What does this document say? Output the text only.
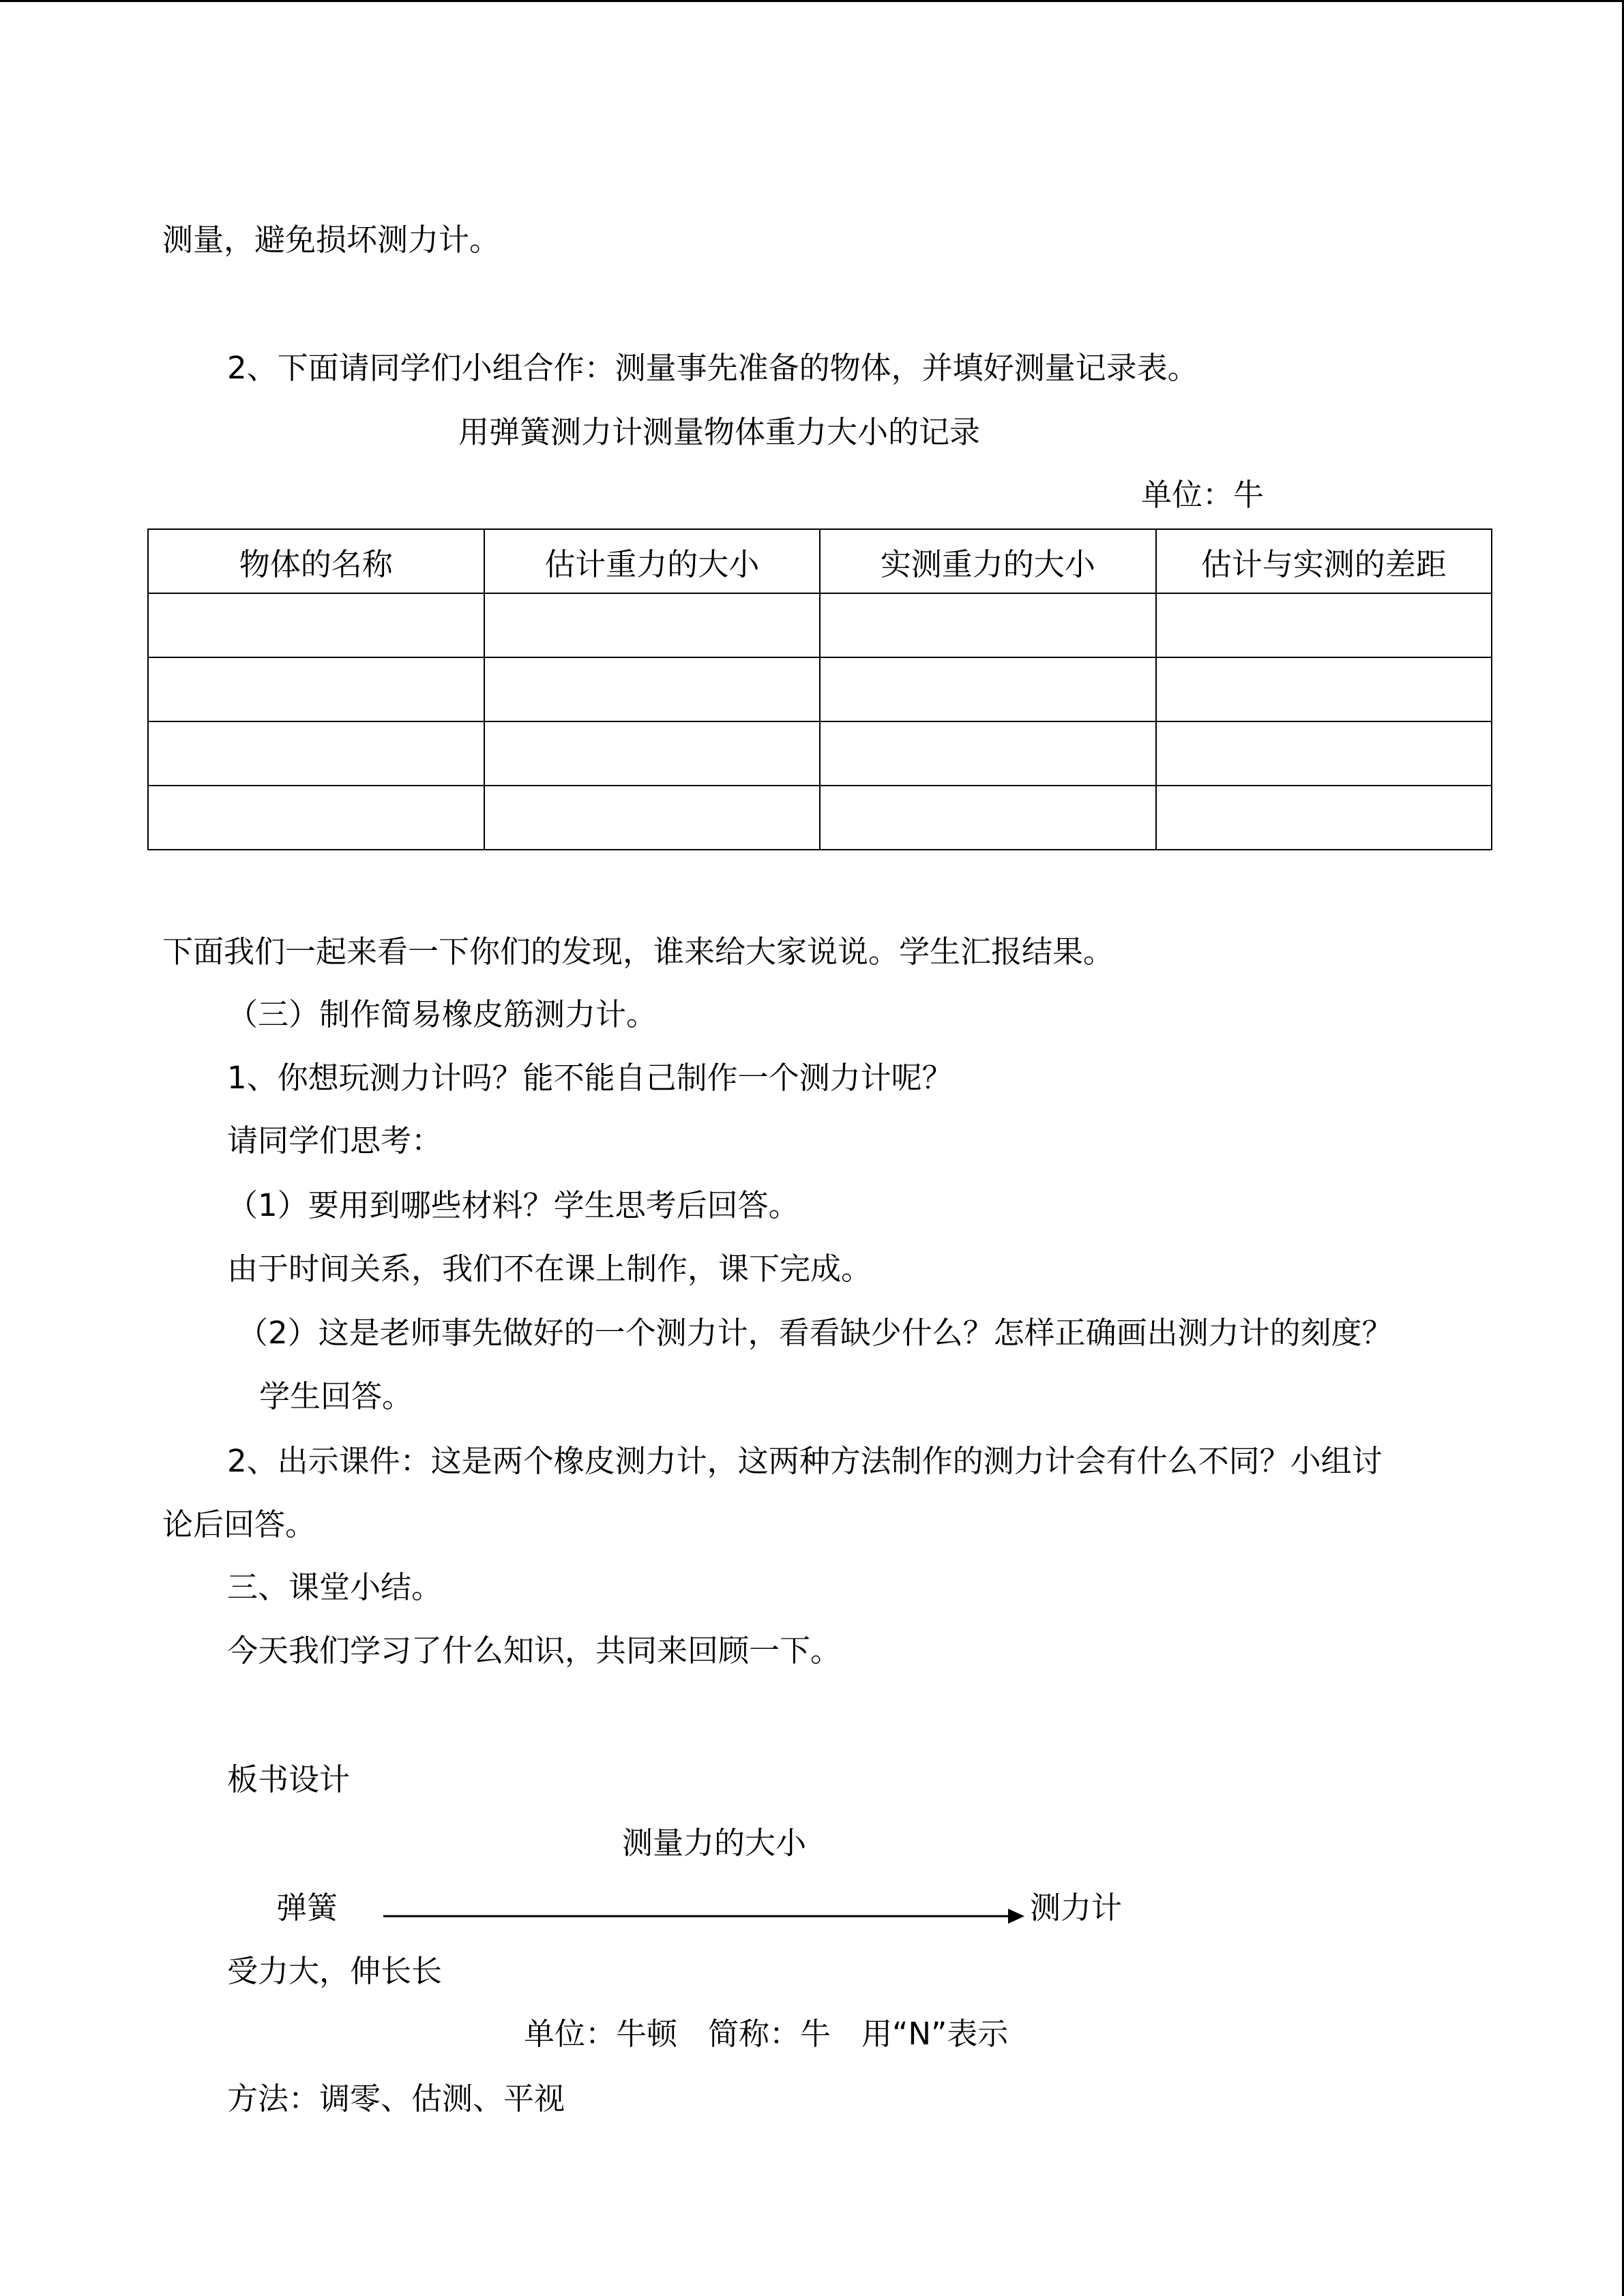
测量，避免损坏测力计。
2、下面请同学们小组合作：测量事先准备的物体，并填好测量记录表。
用弹簧测力计测量物体重力大小的记录
单位：牛
物体的名称	估计重力的大小	实测重力的大小	估计与实测的差距

下面我们一起来看一下你们的发现，谁来给大家说说。学生汇报结果。
（三）制作简易橡皮筋测力计。
1、你想玩测力计吗？能不能自己制作一个测力计呢？
请同学们思考：
（1）要用到哪些材料？学生思考后回答。
由于时间关系，我们不在课上制作，课下完成。
（2）这是老师事先做好的一个测力计，看看缺少什么？怎样正确画出测力计的刻度？
学生回答。
2、出示课件：这是两个橡皮测力计，这两种方法制作的测力计会有什么不同？小组讨
论后回答。
三、课堂小结。
今天我们学习了什么知识，共同来回顾一下。
板书设计
测量力的大小
弹簧	测力计
受力大，伸长长
单位：牛顿　简称：牛　用“N”表示
方法：调零、估测、平视
